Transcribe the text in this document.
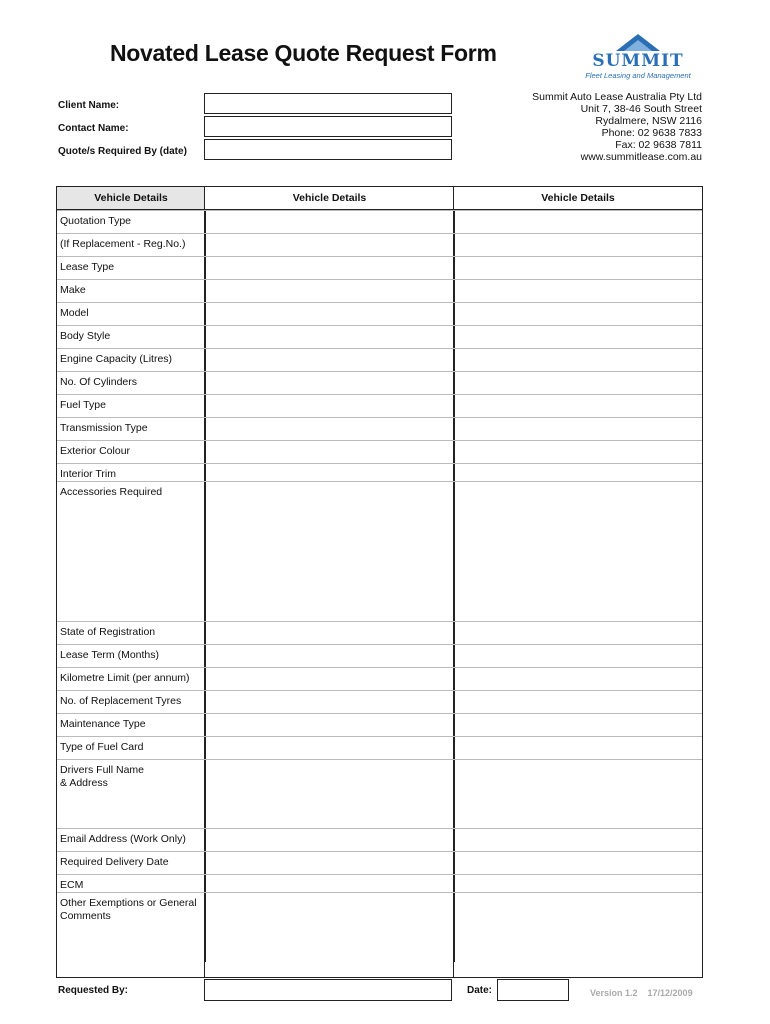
Novated Lease Quote Request Form	SUMMIT
Fleet Leasing and Management
Summit Auto Lease Australia Pty Ltd
Unit 7, 38-46 South Street
Rydalmere, NSW 2116
Phone: 02 9638 7833
Fax: 02 9638 7811
www.summitlease.com.au
Client Name:
Contact Name:
Quote/s Required By (date)
Vehicle Details	Vehicle Details	Vehicle Details
Quotation Type
(If Replacement - Reg.No.)
Lease Type
Make
Model
Body Style
Engine Capacity (Litres)
No. Of Cylinders
Fuel Type
Transmission Type
Exterior Colour
Interior Trim
Accessories Required
State of Registration
Lease Term (Months)
Kilometre Limit (per annum)
No. of Replacement Tyres
Maintenance Type
Type of Fuel Card
Drivers Full Name
& Address
Email Address (Work Only)
Required Delivery Date
ECM
Other Exemptions or General Comments
Requested By:	Date:	Version 1.2    17/12/2009
